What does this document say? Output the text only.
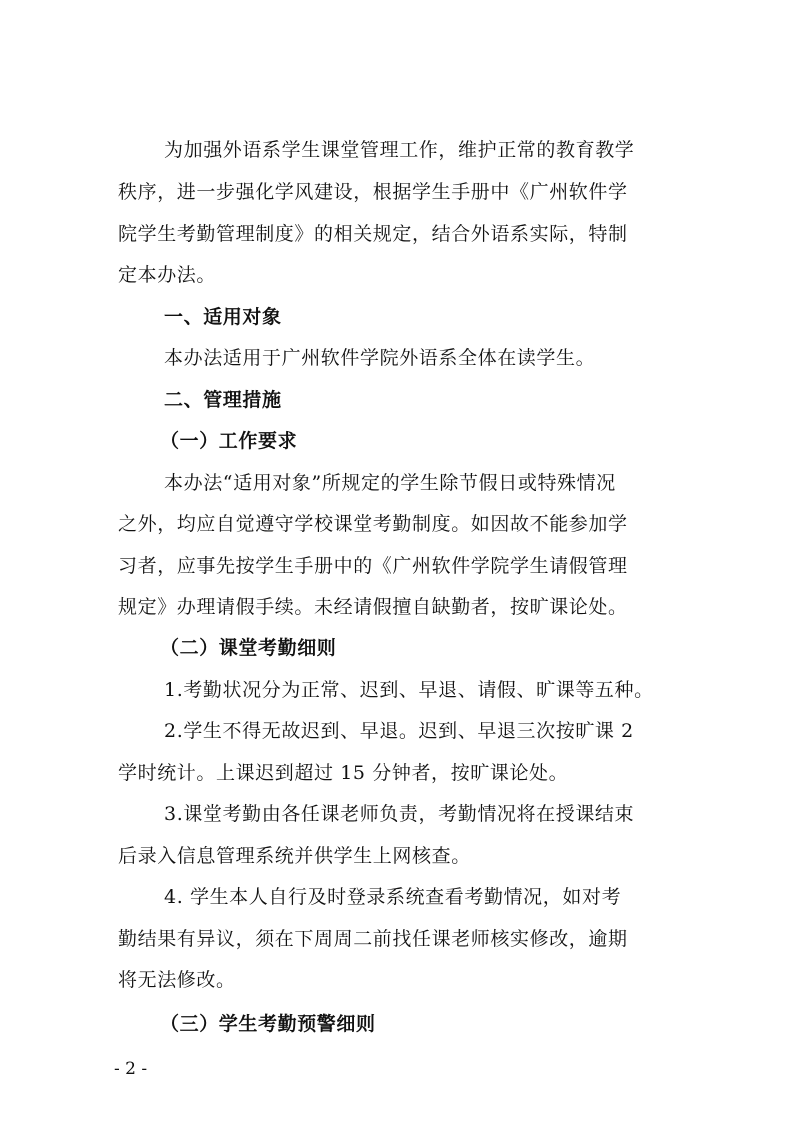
为加强外语系学生课堂管理工作，维护正常的教育教学
秩序，进一步强化学风建设，根据学生手册中《广州软件学
院学生考勤管理制度》的相关规定，结合外语系实际，特制
定本办法。
一、适用对象
本办法适用于广州软件学院外语系全体在读学生。
二、管理措施
（一）工作要求
本办法“适用对象”所规定的学生除节假日或特殊情况
之外，均应自觉遵守学校课堂考勤制度。如因故不能参加学
习者，应事先按学生手册中的《广州软件学院学生请假管理
规定》办理请假手续。未经请假擅自缺勤者，按旷课论处。
（二）课堂考勤细则
1.考勤状况分为正常、迟到、早退、请假、旷课等五种。
2.学生不得无故迟到、早退。迟到、早退三次按旷课 2
学时统计。上课迟到超过 15 分钟者，按旷课论处。
3.课堂考勤由各任课老师负责，考勤情况将在授课结束
后录入信息管理系统并供学生上网核查。
4. 学生本人自行及时登录系统查看考勤情况，如对考
勤结果有异议，须在下周周二前找任课老师核实修改，逾期
将无法修改。
（三）学生考勤预警细则
- 2 -
